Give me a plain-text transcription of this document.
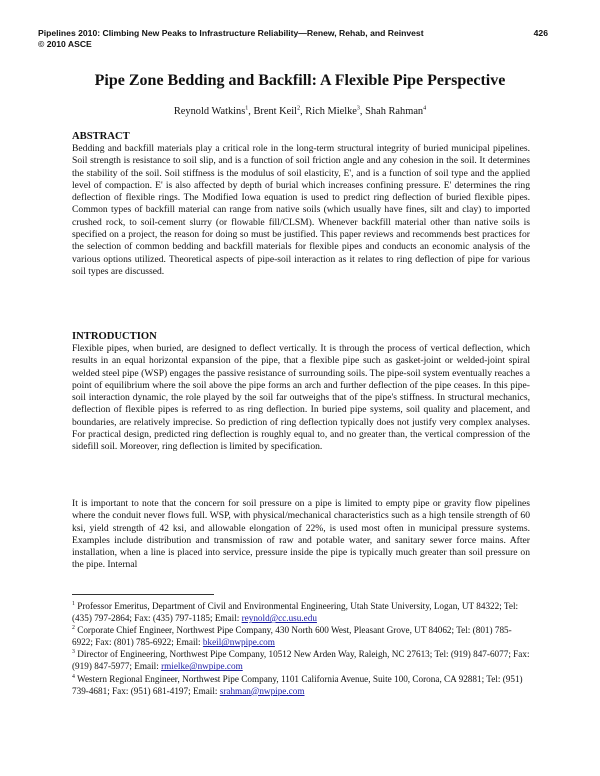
Pipelines 2010: Climbing New Peaks to Infrastructure Reliability—Renew, Rehab, and Reinvest
© 2010 ASCE
426
Pipe Zone Bedding and Backfill: A Flexible Pipe Perspective
Reynold Watkins$^1$, Brent Keil$^2$, Rich Mielke$^3$, Shah Rahman$^4$
ABSTRACT

Bedding and backfill materials play a critical role in the long-term structural integrity of buried municipal pipelines. Soil strength is resistance to soil slip, and is a function of soil friction angle and any cohesion in the soil. It determines the stability of the soil. Soil stiffness is the modulus of soil elasticity, E', and is a function of soil type and the applied level of compaction. E' is also affected by depth of burial which increases confining pressure. E' determines the ring deflection of flexible rings. The Modified Iowa equation is used to predict ring deflection of buried flexible pipes. Common types of backfill material can range from native soils (which usually have fines, silt and clay) to imported crushed rock, to soil-cement slurry (or flowable fill/CLSM). Whenever backfill material other than native soils is specified on a project, the reason for doing so must be justified. This paper reviews and recommends best practices for the selection of common bedding and backfill materials for flexible pipes and conducts an economic analysis of the various options utilized. Theoretical aspects of pipe-soil interaction as it relates to ring deflection of pipe for various soil types are discussed.

INTRODUCTION

Flexible pipes, when buried, are designed to deflect vertically. It is through the process of vertical deflection, which results in an equal horizontal expansion of the pipe, that a flexible pipe such as gasket-joint or welded-joint spiral welded steel pipe (WSP) engages the passive resistance of surrounding soils. The pipe-soil system eventually reaches a point of equilibrium where the soil above the pipe forms an arch and further deflection of the pipe ceases. In this pipe-soil interaction dynamic, the role played by the soil far outweighs that of the pipe's stiffness. In structural mechanics, deflection of flexible pipes is referred to as ring deflection. In buried pipe systems, soil quality and placement, and boundaries, are relatively imprecise. So prediction of ring deflection typically does not justify very complex analyses. For practical design, predicted ring deflection is roughly equal to, and no greater than, the vertical compression of the sidefill soil. Moreover, ring deflection is limited by specification.

It is important to note that the concern for soil pressure on a pipe is limited to empty pipe or gravity flow pipelines where the conduit never flows full. WSP, with physical/mechanical characteristics such as a high tensile strength of 60 ksi, yield strength of 42 ksi, and allowable elongation of 22%, is used most often in municipal pressure systems. Examples include distribution and transmission of raw and potable water, and sanitary sewer force mains. After installation, when a line is placed into service, pressure inside the pipe is typically much greater than soil pressure on the pipe. Internal

$^1$ Professor Emeritus, Department of Civil and Environmental Engineering, Utah State University, Logan, UT 84322; Tel: (435) 797-2864; Fax: (435) 797-1185; Email: reynold@cc.usu.edu

$^2$ Corporate Chief Engineer, Northwest Pipe Company, 430 North 600 West, Pleasant Grove, UT 84062; Tel: (801) 785-6922; Fax: (801) 785-6922; Email: bkeil@nwpipe.com

$^3$ Director of Engineering, Northwest Pipe Company, 10512 New Arden Way, Raleigh, NC 27613; Tel: (919) 847-6077; Fax: (919) 847-5977; Email: rmielke@nwpipe.com

$^4$ Western Regional Engineer, Northwest Pipe Company, 1101 California Avenue, Suite 100, Corona, CA 92881; Tel: (951) 739-4681; Fax: (951) 681-4197; Email: srahman@nwpipe.com
